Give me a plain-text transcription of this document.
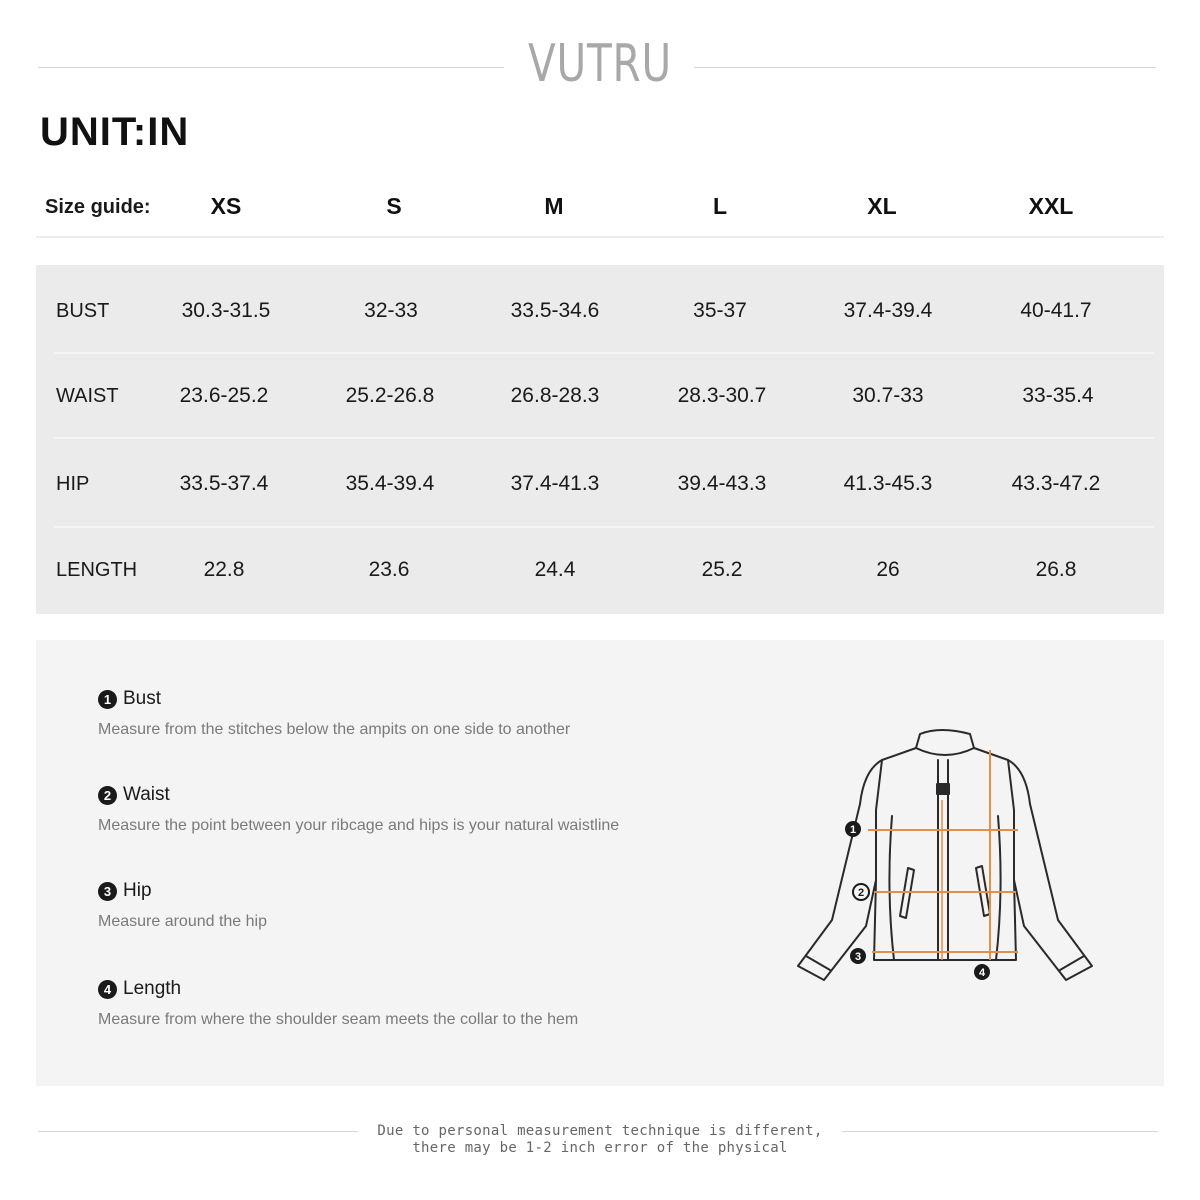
VUTRU
UNIT:IN
Size guide:	XS	S	M	L	XL	XXL
BUST	30.3-31.5	32-33	33.5-34.6	35-37	37.4-39.4	40-41.7
WAIST	23.6-25.2	25.2-26.8	26.8-28.3	28.3-30.7	30.7-33	33-35.4
HIP	33.5-37.4	35.4-39.4	37.4-41.3	39.4-43.3	41.3-45.3	43.3-47.2
LENGTH	22.8	23.6	24.4	25.2	26	26.8
1 Bust
Measure from the stitches below the ampits on one side to another
2 Waist
Measure the point between your ribcage and hips is your natural waistline
3 Hip
Measure around the hip
4 Length
Measure from where the shoulder seam meets the collar to the hem
1
2
3
4
Due to personal measurement technique is different,
there may be 1-2 inch error of the physical
